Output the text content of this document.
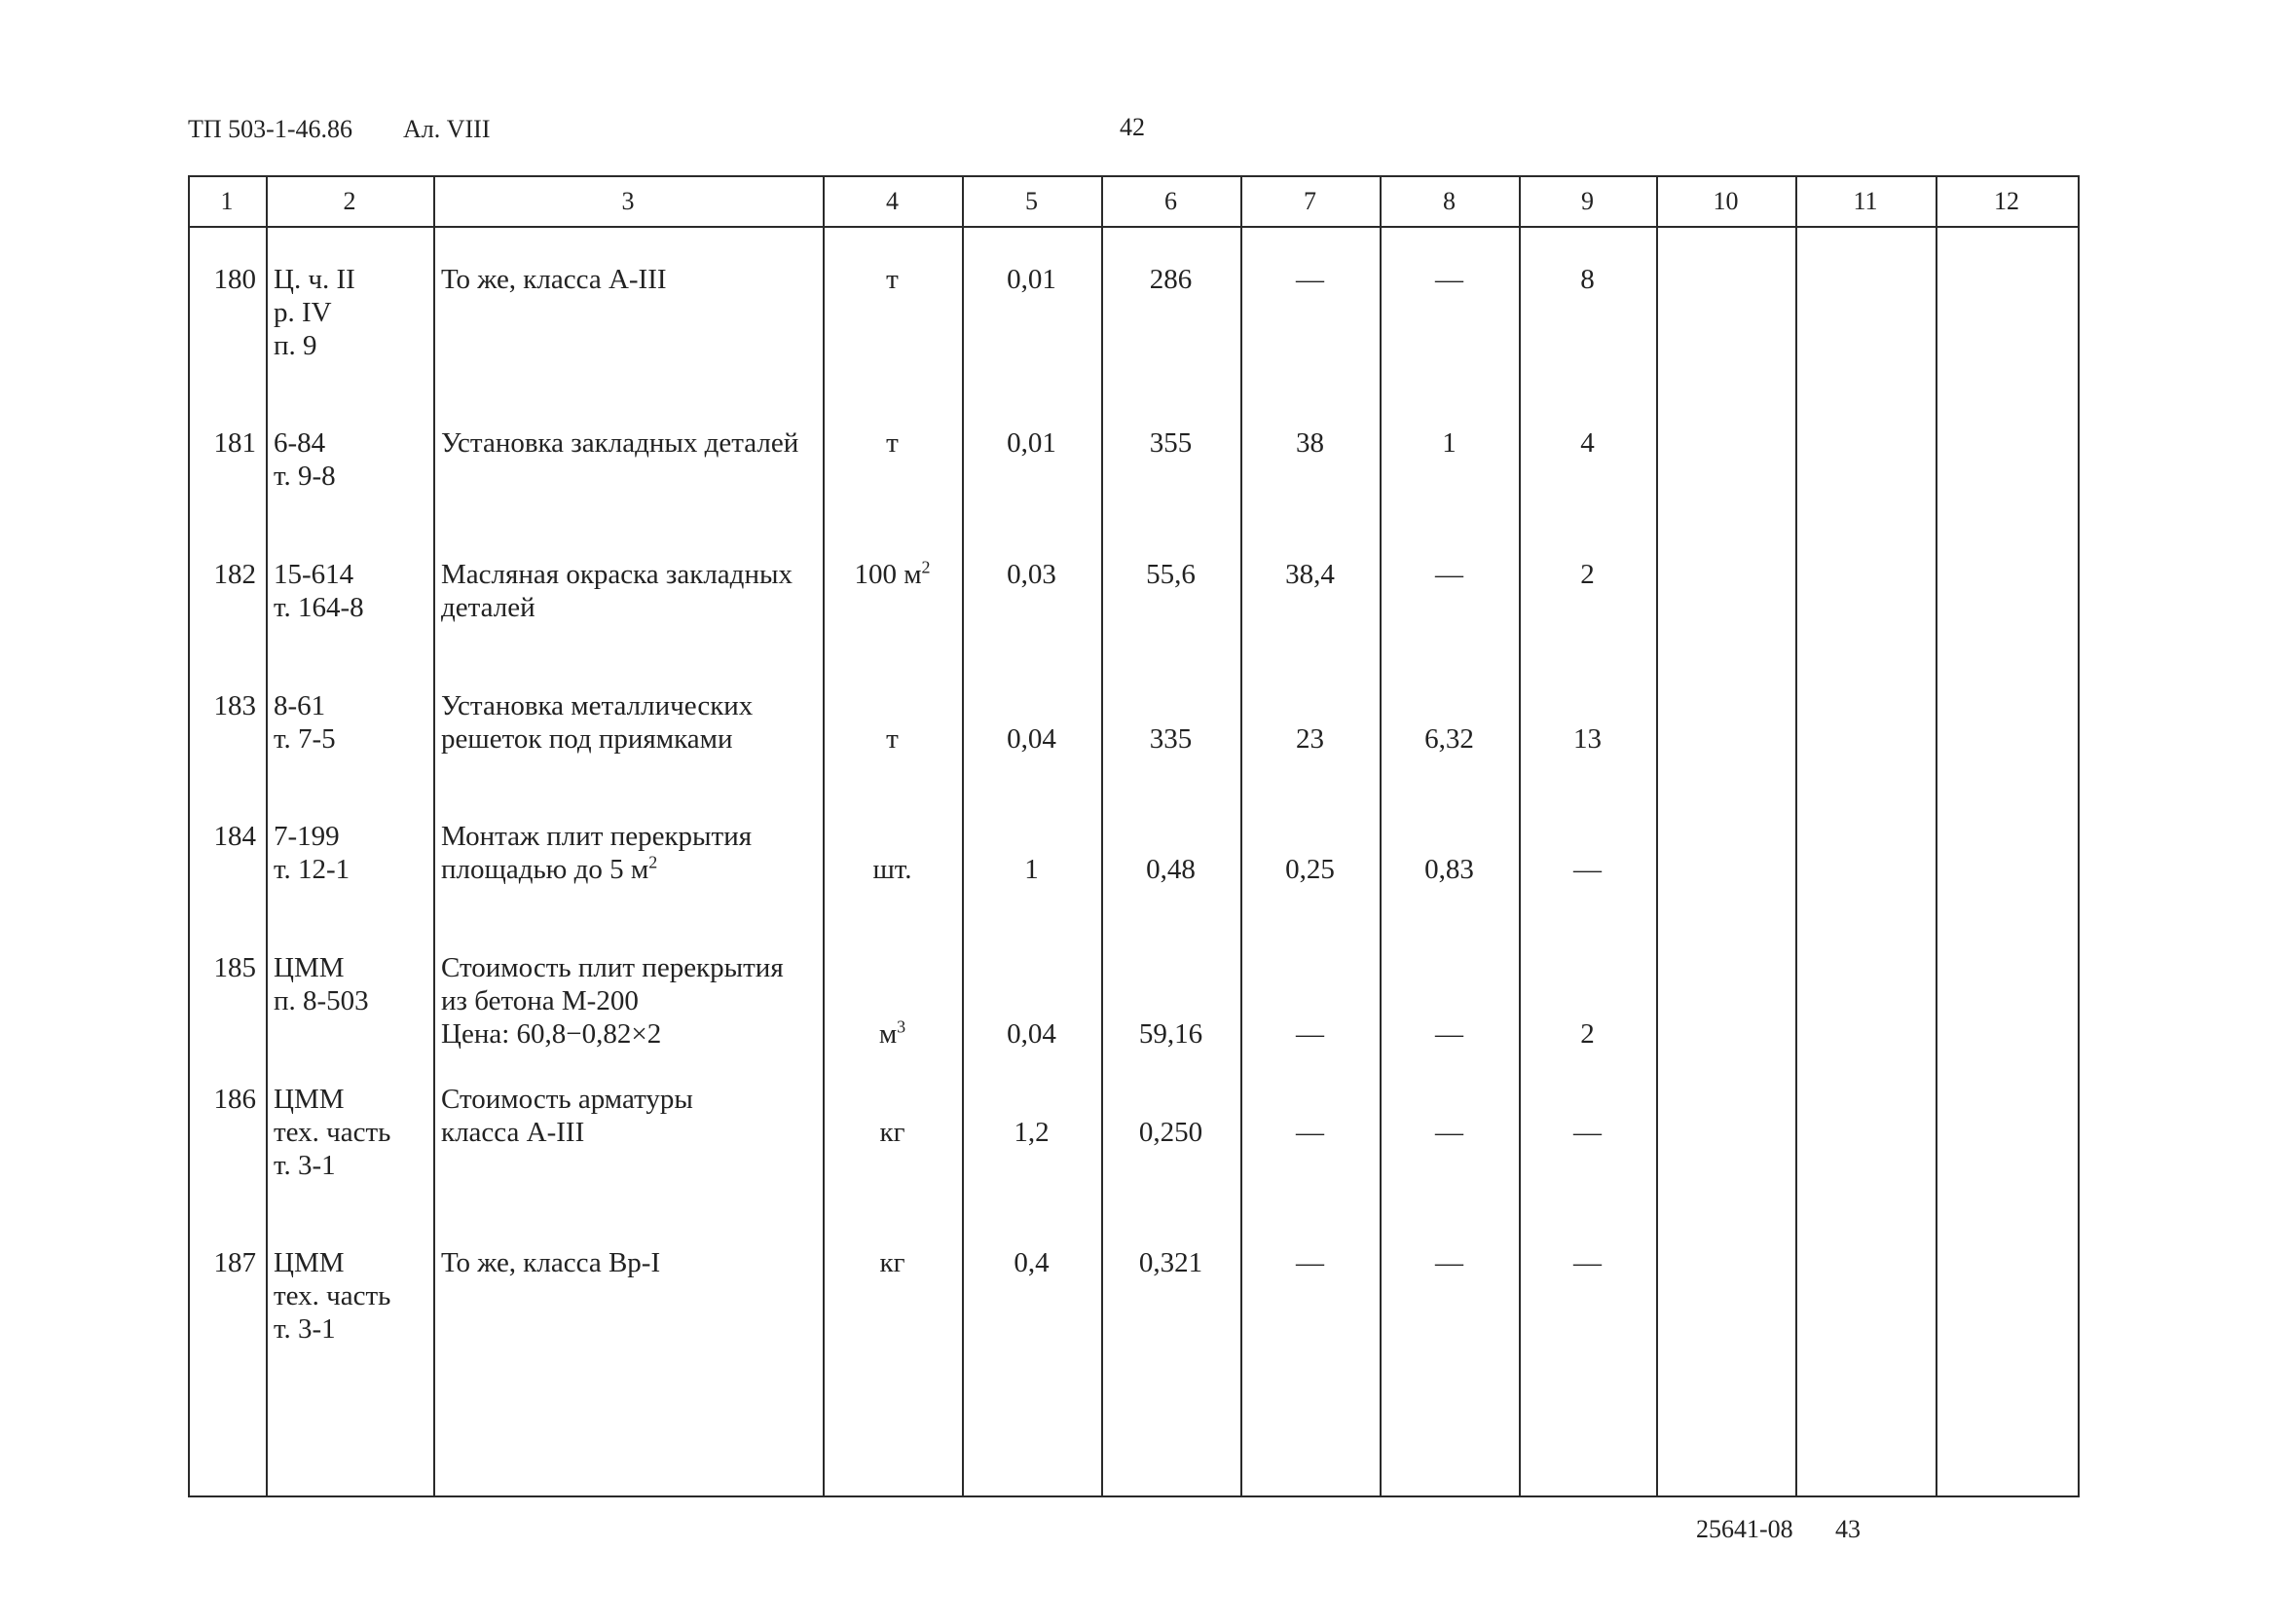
ТП 503-1-46.86 Ал. VIII	42
1	2	3	4	5	6	7	8	9	10	11	12
180 Ц. ч. II
р. IV
п. 9
То же, класса А-III	т	0,01	286	—	—	8
181 6-84
т. 9-8
Установка закладных деталей	т	0,01	355	38	1	4
182 15-614
т. 164-8
Масляная окраска закладных
деталей
100 $м^2$	0,03	55,6	38,4	—	2
183 8-61
т. 7-5
Установка металлических
решеток под приямками	т	0,04	335	23	6,32	13
184 7-199
т. 12-1
Монтаж плит перекрытия
площадью до 5 $м^2$	шт.	1	0,48	0,25	0,83	—
185 ЦММ
п. 8-503
Стоимость плит перекрытия
из бетона М-200
Цена: 60,8−0,82×2	$м^3$	0,04	59,16	—	—	2
186 ЦММ
тех. часть
т. 3-1
Стоимость арматуры
класса А-III	кг	1,2	0,250	—	—	—
187 ЦММ
тех. часть
т. 3-1
То же, класса Вр-I	кг	0,4	0,321	—	—	—
25641-08 43
